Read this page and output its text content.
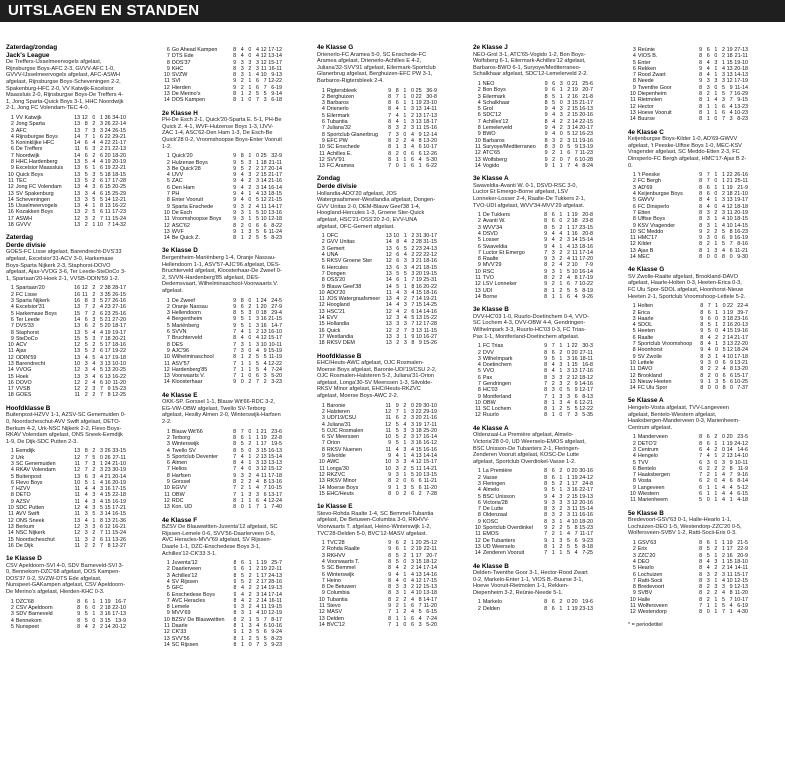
UITSLAGEN EN STANDEN
Zaterdag/zondag
Jack's League
De Treffers-IJsselmeervogels afgelast, Rijnsburgse Boys-AFC 2-3, GVVV-AFC 1-0, GVVV-IJsselmeervogels afgelast, AFC-ASWH afgelast, Rijnsburgse Boys-Scheveningen 2-2, Spakenburg-HFC 2-0, VV Katwijk-Excelsior Maassluis 2-0, Rijnsburgse Boys-De Treffers 4-1, Jong Sparta-Quick Boys 3-1, HHC Noordwijk 2-1, Jong FC Volendam-TEC 4-0.
1	VV Katwijk	13	12	0	1	36	34-10
2	Jong Sparta	13	8	2	3	26	22-14
3	AFC	13	7	3	3	24	26-15
4	Rijnsburgse Boys	14	7	1	6	22	29-21
5	Koninklijke HFC	14	6	4	4	22	21-17
6	De Treffers	11	6	3	2	21	22-13
7	Noordwijk	14	6	2	6	20	18-20
8	HHC Hardenberg	13	5	4	4	19	20-19
9	Excelsior Maassluis	13	6	1	6	19	22-21
10	Quick Boys	13	5	3	5	18	18-15
11	TEC	13	5	2	6	17	17-28
12	Jong FC Volendam	13	4	3	6	15	20-25
13	SV Spakenburg	13	3	4	6	15	25-29
14	Scheveningen	13	3	5	5	14	12-21
15	IJsselmeervogels	13	4	1	8	13	16-22
16	Kozakken Boys	13	2	5	6	11	17-23
17	ASWH	12	3	2	7	11	15-24
18	GVVV	13	2	1	10	7	14-32
Zaterdag
Derde divisie
GOES-FC Lisse afgelast, Barendrecht-DVS'33 afgelast, Excelsior'31-ACV 3-0, Harkemase Boys-Sparta Nijkerk 2-3, Staphorst-DOVO afgelast, Ajax-VVOG 3-6, Ter Leede-SteDoCo 3-1, Spartaan'20-Hoek 2-1, VVSB-ODIN'59 1-2.
1	Spartaan'20	16	12	2	2	38	28-17
2	FC Lisse	16	11	2	3	35	26-15
3	Sparta Nijkerk	16	8	3	5	27	26-16
4	Excelsior'31	13	7	2	4	23	27-16
5	Harkemase Boys	15	7	2	6	23	25-16
6	Ter Leede	14	6	3	5	21	27-20
7	DVS'33	13	6	2	5	20	18-17
8	Staphorst	13	5	4	4	19	19-17
9	SteDoCo	15	5	3	7	18	20-21
10	ACV	12	5	2	5	17	18-16
11	Ajax	13	5	2	6	17	19-22
12	ODIN'59	13	4	5	4	17	19-18
13	Barendrecht	10	3	4	3	13	10-10
14	VVOG	12	3	4	5	13	20-25
15	Hoek	13	3	4	6	13	16-22
16	DOVO	12	2	4	6	10	11-20
17	VVSB	12	2	3	7	9	15-23
18	GOES	11	2	2	7	8	12-25
Hoofdklasse B
Buitenpost-HZVV 1-1, AZSV-SC Genemuiden 0-0, Noordscheschut-AVV Swift afgelast, DETO-Berkum 4-2, Urk-NSC Nijkerk 2-2, Flevo Boys-RKAV Volendam afgelast, ONS Sneek-Eemdijk 1-9, De Dijk-SDC Putten 2-3.
1	Eemdijk	13	8	2	3	26	33-15
2	Urk	12	7	5	0	26	27-11
3	SC Genemuiden	11	7	3	1	24	21-10
4	RKAV Volendam	12	7	2	3	23	30-19
5	Buitenpost	13	6	3	4	21	20-14
6	Flevo Boys	10	5	1	4	16	20-19
7	HZVV	11	4	4	3	16	17-15
8	DETO	11	4	3	4	15	22-18
9	AZSV	11	4	3	4	15	16-19
10	SDC Putten	12	4	3	5	15	17-21
11	AVV Swift	11	3	5	3	14	16-15
12	ONS Sneek	13	4	1	8	13	21-36
13	Berkum	12	3	3	6	12	16-21
14	NSC Nijkerk	12	3	2	7	11	15-24
15	Noordscheschut	11	3	2	6	11	13-26
16	De Dijk	11	2	2	7	8	12-27
1e Klasse D
CSV Apeldoorn-SVI 4-0, SDV Barneveld-SVI 3-0, Bennekom-DZC'68 afgelast, DOS Kampen-DOS'37 0-2, SVZW-DTS Ede afgelast, Nunspeet-GAKampen afgelast, CSV Apeldoorn-De Merino's afgelast, Hierden-KHC 0-3.
1	DZC'68	8	6	1	1	19	16-7
2	CSV Apeldoorn	8	6	0	2	18	22-10
3	SDV Barneveld	9	5	1	3	16	17-13
4	Bennekom	8	5	0	3	15	13-9
5	Nunspeet	8	4	2	2	14	20-12
6	Go Ahead Kampen	8	4	0	4	12	17-12
7	DTS Ede	8	4	0	4	12	13-14
8	DOS'37	9	3	3	3	12	15-17
9	KHC	8	3	2	3	11	16-11
10	SVZW	8	3	1	4	10	9-13
11	SVI	9	2	1	6	7	12-22
12	Hierden	9	2	1	6	7	6-19
13	De Merino's	8	1	2	5	5	9-14
14	DOS Kampen	8	1	0	7	3	6-18
2e Klasse H
PH-De Esch 2-1, Quick'20-Sparta E. 5-1, PH-Be Quick Z. 4-1, WVF-Hulzense Boys 1-3, IJVV-ZAC 1-4, ASC'62-Den Ham 1-3, De Esch-Be Quick'28 0-2, Vroomshoopse Boys-Enter Vooruit 1-2.
1	Quick'20	9	8	1	0	25	32-9
2	Hulzense Boys	9	5	3	1	18	21-11
3	Be Quick'28	9	5	2	2	17	20-14
4	IJVV	9	4	3	2	15	21-17
5	ZAC	9	4	2	3	14	21-16
6	Den Ham	9	4	2	3	14	16-14
7	PH	9	4	1	4	13	18-15
8	Enter Vooruit	9	4	0	5	12	21-15
9	Sparta Enschede	9	3	2	4	11	14-17
10	De Esch	9	3	1	5	10	13-16
11	Vroomshoopse Boys	9	3	1	5	10	12-18
12	ASC'62	8	2	0	6	6	8-22
13	WVF	9	1	3	5	6	11-24
14	Be Quick Z.	8	1	2	5	5	8-23
3e Klasse D
Bergentheim-Mariënberg 1-4, Oranje Nassau-Hellendoorn 1-1, ASV'57-AJC'96 afgelast, DES-Bruchterveld afgelast, Kloosterhaar-De Zweef 0-2, SVVN-Hardenberg'85 afgelast, DES-Dedemsvaart, Wilhelminaschool-Voorwaarts V. afgelast.
1	De Zweef	9	8	0	1	24	24-5
2	Oranje Nassau	9	6	2	1	20	27-9
3	Hellendoorn	8	5	3	0	18	29-4
4	Bergentheim	9	5	1	3	16	21-15
5	Mariënberg	9	5	1	3	16	14-7
6	SVVN	7	4	1	2	13	16-10
7	Bruchterveld	8	4	0	4	12	15-17
8	DES	7	3	1	3	10	10-11
9	AJC'96	7	3	0	4	9	15-19
10	Wilhelminaschool	8	1	2	5	5	11-19
11	ASV'57	7	1	1	5	4	12-22
12	Hardenberg'85	7	1	1	5	4	7-24
13	Voorwaarts V.	7	1	0	6	3	5-20
14	Kloosterhaar	9	0	2	7	2	3-23
4e Klasse E
OKK-SP. Gorssel 1-1, Blauw Wit'66-RDC 3-2, EG-VW-OBW afgelast, Twello SV-Terborg afgelast, Hesiliy Almen 2-0, Winterswijk-Harfsen 2-2.
1	Blauw Wit'66	8	7	0	1	21	23-6
2	Terborg	8	6	1	1	19	22-8
3	Winterswijk	8	5	2	1	17	19-5
4	Twello SV	8	5	0	3	15	16-13
5	Sportclub Deventer	7	4	1	2	13	15-14
6	Almen	8	4	1	3	13	13-13
7	Helios	7	4	0	3	12	15-12
8	Harfsen	9	3	2	4	11	17-18
9	Gorssel	8	2	2	4	8	13-16
10	EGVV	7	2	1	4	7	10-15
11	OBW	7	1	3	3	6	13-17
12	RDC	8	1	1	6	4	12-24
13	Kon. UD	8	0	1	7	1	7-40
4e Klasse F
BZSV De Blauwwitten-Juventa'12 afgelast, SC Rijssen-Lemele 0-6, SVV'56-Daarlerveen 0-5, AVC Heracles-MVV'69 afgelast, SV Rijssen-Daarle 1-1, DZC-Enschedese Boys 3-1, Achilles'12-CK'33 3-1.
1	Juventa'12	8	6	1	1	19	25-7
2	Daarlerveen	9	6	1	2	19	22-11
3	Achilles'12	8	5	2	1	17	24-13
4	SV Rijssen	9	5	2	2	17	28-16
5	GFC	8	4	2	2	14	19-13
6	Enschedese Boys	9	4	2	3	14	17-14
7	AVC Heracles	8	4	2	2	14	16-11
8	Lemele	9	3	2	4	11	19-15
9	MVV'69	8	3	1	4	10	12-19
10	BZSV De Blauwwitten	8	2	1	5	7	8-17
11	Daarle	8	1	3	4	6	10-16
12	CK'33	9	1	3	5	6	9-24
13	SVV'56	8	1	2	5	5	8-23
14	SC Rijssen	8	1	0	7	3	9-23
4e Klasse G
Drienerlo-FC Aramea 5-0, SC Enschede-FC Aramea afgelast, Drienerlo-Achilles E 4-2, Juliana'32-SVV'91 afgelast, Eilermark-Sportclub Glanerbrug afgelast, Berghuizen-EFC PW 3-1, Barbaros-Rigtersbleek 2-4.
1	Rigtersbleek	9	8	1	0	25	36-9
2	Berghuizen	8	7	1	0	22	30-8
3	Barbaros	8	6	1	1	19	23-10
4	Drienerlo	8	4	1	3	13	14-11
5	Eilermark	7	4	1	2	13	17-13
6	Tubantia	8	4	1	3	13	18-17
7	Juliana'32	8	3	2	3	11	15-16
8	Sportclub Glanerbrug	7	3	0	4	9	12-14
9	EFC PW	8	2	2	4	8	13-20
10	SC Enschede	8	1	3	4	6	10-17
11	Achilles E.	8	2	0	6	6	12-26
12	SVV'91	8	1	1	6	4	5-30
13	FC Aramea	7	0	1	6	1	6-22
Zondag
Derde divisie
Hollandia-ADO'20 afgelast, JOS Watergraafsmeer-Westlandia afgelast, Dongen-GVV Unitas 2-0, DEM-Blauw Geel'38 1-4, Hoogland-Hercules 1-3, Groene Ster-Quick afgelast, HSC'21-OSS'20 2-0, EVV-UNA afgelast, OFC-Gemert afgelast.
1	OFC	13	10	1	2	31	30-17
2	GVV Unitas	14	8	4	2	28	31-15
3	Gemert	13	6	5	2	23	24-13
4	UNA	12	6	4	2	22	22-12
5	RKSV Groene Ster	12	6	3	3	21	18-16
6	Hercules	13	6	3	4	21	18-15
7	Dongen	13	5	5	3	20	19-15
8	OSS'20	14	6	1	7	19	25-31
9	Blauw Geel'38	14	5	1	8	16	20-22
10	ADO'20	11	4	3	4	15	18-16
11	JOS Watergraafsmeer	13	4	2	7	14	19-21
12	Hoogland	14	4	3	7	15	14-25
13	HSC'21	12	4	2	6	14	14-16
14	EVV	12	3	4	5	13	15-22
15	Hollandia	13	3	3	7	12	17-28
16	Quick	12	2	7	3	13	11-15
17	Westlandia	13	3	1	9	10	16-27
18	RKSV DEM	13	2	3	8	9	15-26
Hoofdklasse B
EHC/Heuts-AWC afgelast, OJC Rosmalen-Moerse Boys afgelast, Baronie-UDI'19/CSU 2-2, OJC Rosmalen-Halsteren 5-2, Juliana'31-Orion afgelast, Longa'30-SV Meerssen 1-3, Silvolde-RKSV Minor afgelast, EHC/Heuts-RKZVC afgelast, Moerse Boys-AWC 2-2.
1	Baronie	11	9	2	0	29	30-10
2	Halsteren	12	7	1	3	22	29-19
3	UDI'19/CSU	11	6	2	3	20	21-16
4	Juliana'31	12	5	4	3	19	17-11
5	OJC Rosmalen	11	5	3	3	18	25-20
6	SV Meerssen	10	5	2	3	17	16-14
7	Orion	9	5	1	3	16	16-12
8	RKSV Nuenen	11	4	3	4	15	16-16
9	Silvolde	9	4	1	4	13	14-14
10	AWC	10	3	3	4	12	15-17
11	Longa'30	10	3	2	5	11	14-21
12	RKZVC	9	3	1	5	10	13-15
13	RKSV Minor	8	2	0	6	6	11-21
14	Moerse Boys	9	1	3	5	6	11-20
15	EHC/Heuts	8	0	2	6	2	7-28
1e Klasse E
Stevo-Rohda Raalte 1-4, SC Bemmel-Tubantia afgelast, De Betuwen-Columbia 3-0, RKHVV-Voorwaarts T. afgelast, Heino-Winterswijk 1-2, TVC'28-Delden 5-0, BVC'12-MASV afgelast.
1	TVC'28	9	6	2	1	20	25-12
2	Rohda Raalte	9	6	1	2	19	22-11
3	RKHVV	8	5	2	1	17	20-7
4	Voorwaarts T.	8	5	0	3	15	18-12
5	SC Bemmel	8	4	2	2	14	17-14
6	Winterswijk	9	4	1	4	13	14-16
7	Heino	8	4	0	4	12	17-15
8	De Betuwen	8	3	3	2	12	15-13
9	Columbia	8	3	1	4	10	13-18
10	Tubantia	8	2	2	4	8	14-17
11	Stevo	9	2	1	6	7	11-20
12	MASV	7	1	2	4	5	6-15
13	Delden	8	1	1	6	4	7-24
14	BVC'12	7	1	0	6	3	5-20
2e Klasse J
NEO-Grol 3-1, ATC'65-Vogido 1-2, Bon Boys-Wolfsberg 6-1, Eilermark-Achilles'12 afgelast, Barbaros-BWO 6-1, Suryoye/Mediterraneo-Schalkhaar afgelast, SDC'12-Lemelerveld 2-2.
1	NEO	9	6	3	0	21	25-6
2	Bon Boys	9	6	1	2	19	20-7
3	Eilermark	8	5	1	2	16	21-8
4	Schalkhaar	8	5	0	3	15	21-17
5	Grol	9	4	3	2	15	16-13
6	SDC'12	9	4	3	2	15	20-16
7	Achilles'12	8	4	2	2	14	22-15
8	Lemelerveld	9	4	2	3	14	20-17
9	BWO	9	4	0	5	12	16-23
10	Barbaros	8	3	2	3	11	19-16
11	Suryoye/Mediterraneo	8	3	0	5	9	13-19
12	ATC'65	9	2	1	6	7	11-23
13	Wolfsberg	9	2	0	7	6	10-28
14	Vogido	9	1	1	7	4	8-24
3e Klasse A
Swaveldia-Avanti W. 0-1, DSVD-RSC 3-0, Luctor Et Emergo-Borne afgelast, LSV Lonneker-Losser 2-4, Raalte-De Tukkers 2-1, TVO-UDI afgelast, WVV'34-MVV'29 afgelast.
1	De Tukkers	8	6	1	1	19	20-8
2	Avanti W.	8	6	0	2	18	23-8
3	WVV'34	8	5	2	1	17	23-15
4	DSVD	9	4	4	1	16	20-8
5	Losser	9	4	2	3	14	15-14
6	Swaveldia	9	4	1	4	13	18-16
7	Luctor Et Emergo	7	3	2	2	11	17-14
8	Raalte	9	3	2	4	11	17-20
9	MVV'29	8	2	4	2	10	7-9
10	RSC	9	3	1	5	10	16-14
11	TVO	8	2	2	4	8	17-19
12	LSV Lonneker	9	2	1	6	7	10-22
13	UDI	8	1	2	5	5	8-19
14	Borne	8	1	1	6	4	9-26
3e Klasse B
DVV-HC'03 1-0, Ruurlo-Doetinchem 0-4, VVO-SC Lochem 4-3, DVV-OBW 4-4, Gendringen-Wilhelmpark 3-3, Ruurlo-HC'03 0-3, FC Trias-Pax 1-1, Montferland-Doetinchem afgelast.
1	FC Trias	9	7	1	1	22	30-3
2	DVV	8	6	2	0	20	27-11
3	Wilhelmpark	9	5	1	3	16	18-11
4	Doetinchem	8	4	3	1	15	16-8
5	VVO	8	4	1	3	13	17-16
6	Pax	8	3	3	2	12	18-12
7	Gendringen	7	2	3	2	9	14-16
8	HC'03	8	3	0	5	9	12-17
9	Montferland	7	1	3	3	6	8-13
10	OBW	8	1	3	4	6	12-21
11	SC Lochem	8	1	2	5	5	12-22
12	Ruurlo	8	1	0	7	3	5-35
4e Klasse A
Oldenzaal-La Première afgelast, Almelo-Victoria'28 0-0, UD Weerselo-EMOS afgelast, BSC Unisson-De Tubanters 2-1, Fleringen-Zenderen Vooruit afgelast, KOSC-De Lutte afgelast, Sportclub Overdinkel-Vasse 1-2.
1	La Première	8	6	2	0	20	30-16
2	Vasse	8	6	1	1	19	24-12
3	Fleringen	8	5	2	1	17	24-8
4	Almelo	9	5	1	3	16	22-17
5	BSC Unisson	9	4	3	2	15	19-13
6	Victoria'28	9	3	3	3	12	20-16
7	De Lutte	8	3	2	3	11	15-14
8	Oldenzaal	8	3	2	3	11	16-16
9	KOSC	8	3	1	4	10	18-20
10	Sportclub Overdinkel	9	2	2	5	8	15-23
11	EMOS	7	2	1	4	7	11-17
12	De Tubanters	9	1	3	5	6	9-23
13	UD Weerselo	8	1	2	5	5	8-18
14	Zenderen Vooruit	7	1	1	5	4	7-25
4e Klasse B
Delden-Twenthe Goor 3-1, Hector-Rood Zwart 0-2, Markelo-Enter 1-1, VIOS B.-Buurse 3-1, Hoeve Vooruit-Rietmolen 1-1, Rekken-Diepenheim 3-2, Reünie-Neede 5-1.
1	Markelo	8	6	2	0	20	19-6
2	Delden	8	6	1	1	19	23-13
3	Reünie	9	6	1	2	19	27-13
4	VIOS B.	8	6	0	2	18	21-11
5	Enter	8	4	3	1	15	19-10
6	Rekken	9	4	1	4	13	20-18
7	Rood Zwart	8	4	1	3	13	14-13
8	Neede	9	3	3	3	12	17-19
9	Twenthe Goor	8	3	0	5	9	11-14
10	Diepenheim	8	2	1	5	7	16-29
11	Rietmolen	8	1	4	3	7	9-15
12	Hector	8	1	1	6	4	13-23
13	Hoeve Vooruit	8	1	1	6	4	10-23
14	Buurse	8	1	0	7	3	8-23
4e Klasse C
Keijenburgse Boys-Kilder 1-0, AD'69-GWVV afgelast, 't Peeske-Ulftse Boys 1-0, MEC-KSV Vragender afgelast, SC Meddo-Etten 2-3, FC Dinxperlo-FC Bergh afgelast, HMC'17-Ajax B 2-0.
1	't Peeske	9	7	1	1	22	26-16
2	FC Bergh	8	7	0	1	21	25-11
3	AD'69	8	6	1	1	19	21-9
4	Keijenburgse Boys	8	6	0	2	18	21-10
5	GWVV	8	4	1	3	13	19-17
6	FC Dinxperlo	8	4	0	4	12	18-18
7	Etten	8	3	2	3	11	20-19
8	Ulftse Boys	8	3	1	4	10	18-15
9	KSV Vragender	8	3	1	4	10	14-15
10	SC Meddo	9	2	2	5	8	16-23
11	HMC'17	9	3	0	6	9	16-19
12	Kilder	8	2	1	5	7	8-16
13	Ajax B	8	1	3	4	6	11-21
14	MEC	8	0	0	8	0	9-30
4e Klasse G
SV Zwolle-Raalte afgelast, Brookland-DAVO afgelast, Haarle-Holten 0-3, Heeten-Erica 0-3, FC Ulu Spor-SDOL afgelast, Hoonhorst-Nieuw Heeten 2-1, Sportclub Vroomshoop-Lettele 5-2.
1	Holten	8	7	1	0	22	22-4
2	Erica	8	6	1	1	19	39-7
3	Haarle	9	6	0	3	18	23-16
4	SDOL	8	5	1	2	16	20-13
5	Heeten	9	5	0	4	15	19-16
6	Raalte	8	4	2	2	14	21-17
7	Sportclub Vroomshoop	8	4	1	3	13	22-20
8	Hoonhorst	9	4	0	5	12	18-24
9	SV Zwolle	8	3	1	4	10	17-18
10	Lettele	9	3	0	6	9	13-21
11	DAVO	8	2	2	4	8	13-20
12	Brookland	8	2	0	6	6	15-17
13	Nieuw Heeten	9	1	3	5	6	10-25
14	FC Ulu Spor	8	0	0	8	0	7-37
5e Klasse A
Hengelo-Vosta afgelast, TVV-Langeveen afgelast, Bentelo-Wiestern afgelast, Haaksbergen-Manderveen 0-3, Marienheem-Centrum afgelast.
1	Manderveen	8	6	2	0	20	23-5
2	DETO'2	8	6	1	1	19	24-12
3	Centrum	6	4	2	0	14	14-6
4	Hengelo	7	4	1	2	13	14-10
5	TVV	6	3	0	3	9	10-11
6	Bentelo	6	2	2	2	8	11-9
7	Haaksbergen	7	2	1	4	7	9-16
8	Vosta	6	2	0	4	6	8-14
9	Langeveen	6	1	1	4	4	5-12
10	Wiestern	6	1	1	4	4	6-15
11	Marienheem	5	0	1	4	1	4-18
5e Klasse B
Bredevoort-GSV'63 0-1, Halle-Hearlo 1-1, Lochuizen-DEO 1-5, Westendorp-ZZC'20 0-5, Wolfersveen-SVBV 1-2, Ratti-Socii-Erix 0-3.
1	GSV'63	8	6	1	1	19	21-5
2	Erix	8	5	2	1	17	22-9
3	ZZC'20	8	5	1	2	16	20-9
4	DEO	8	4	3	1	15	18-10
5	Hearlo	8	4	2	2	14	14-11
6	Lochuizen	8	3	2	3	11	15-17
7	Ratti-Socii	8	3	1	4	10	12-15
8	Bredevoort	8	2	3	3	9	12-13
9	SVBV	8	2	2	4	8	11-20
10	Halle	8	2	1	5	7	10-17
11	Wolfersveen	7	1	1	5	4	6-19
12	Westendorp	8	0	1	7	1	4-30
* = periodetitel
